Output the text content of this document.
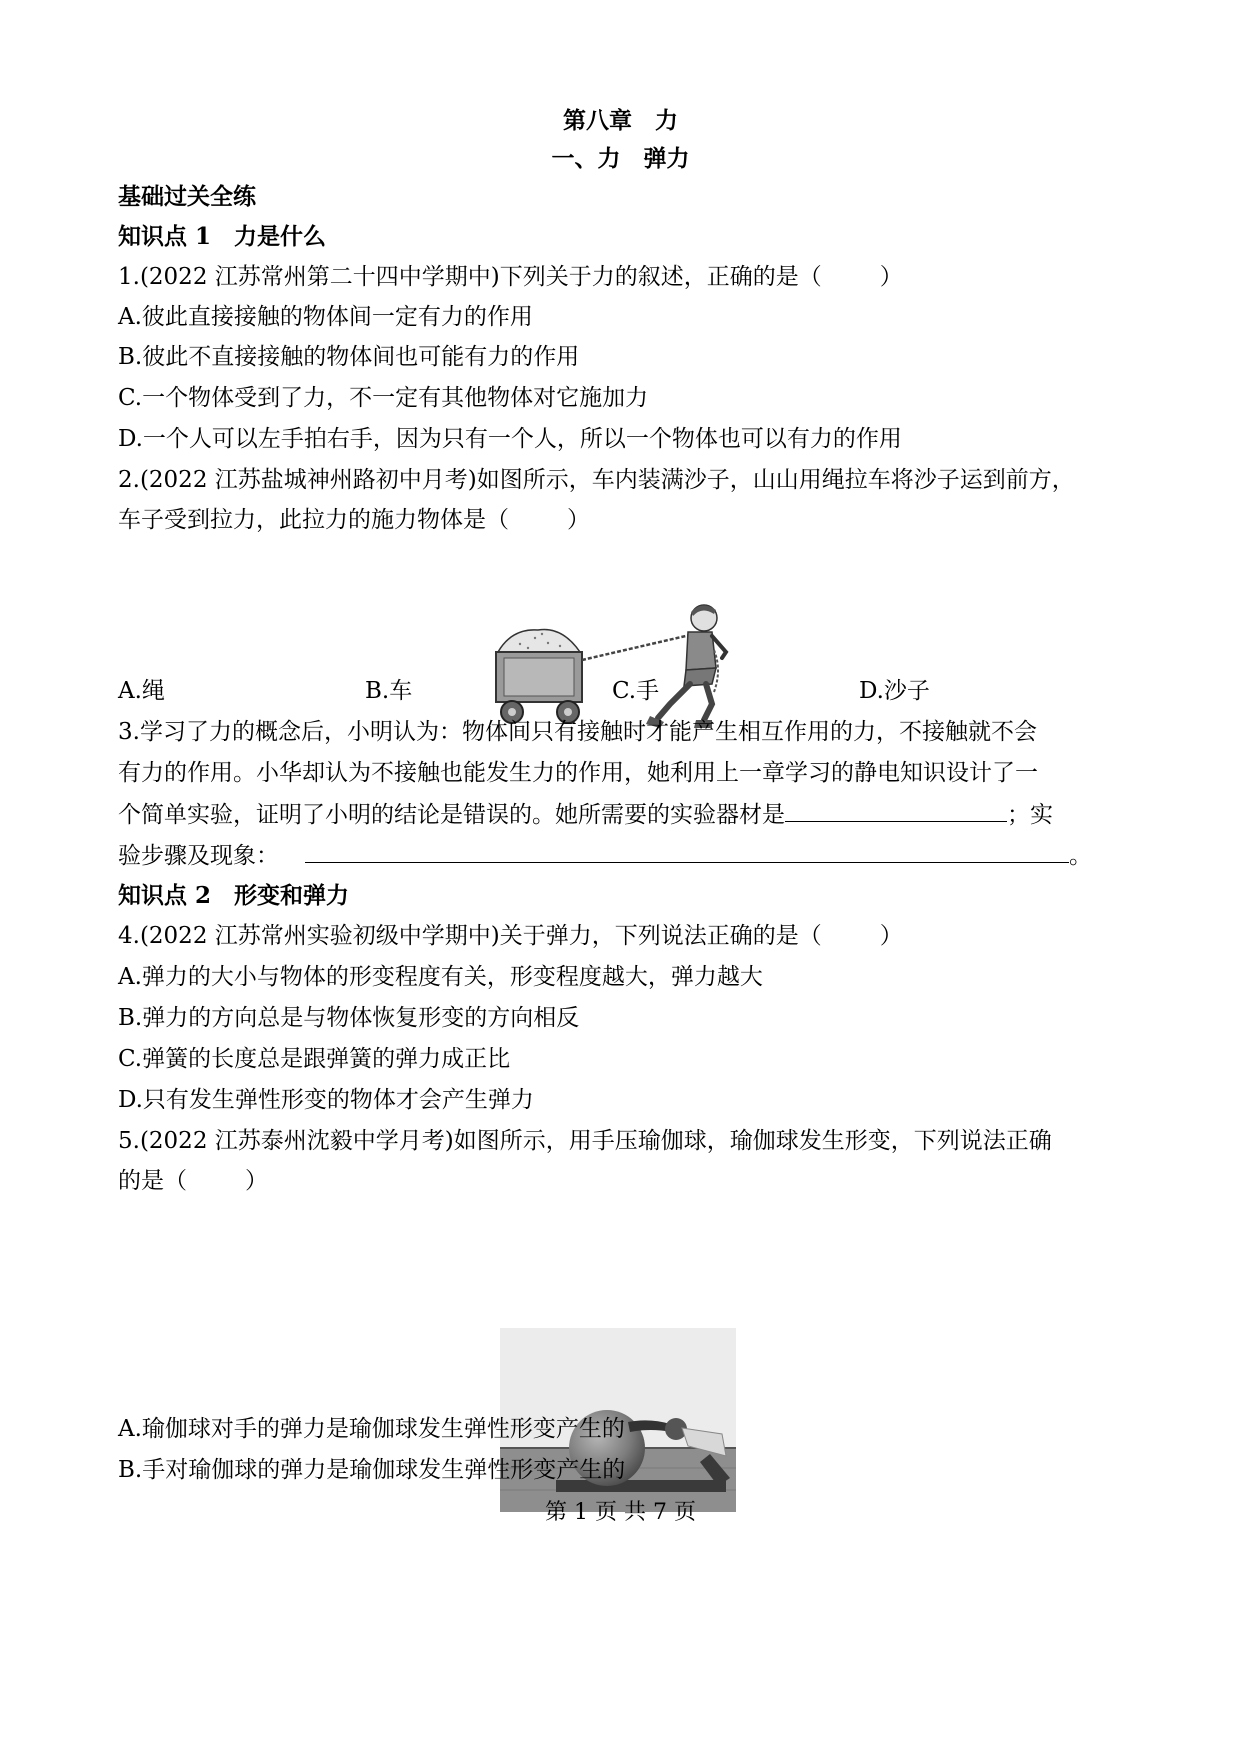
第八章　力
一、力　弹力
基础过关全练
知识点 1　力是什么
1.(2022 江苏常州第二十四中学期中)下列关于力的叙述，正确的是（	）
A.彼此直接接触的物体间一定有力的作用
B.彼此不直接接触的物体间也可能有力的作用
C.一个物体受到了力，不一定有其他物体对它施加力
D.一个人可以左手拍右手，因为只有一个人，所以一个物体也可以有力的作用
2.(2022 江苏盐城神州路初中月考)如图所示，车内装满沙子，山山用绳拉车将沙子运到前方，
车子受到拉力，此拉力的施力物体是（	）
A.绳	B.车	C.手	D.沙子
3.学习了力的概念后，小明认为：物体间只有接触时才能产生相互作用的力，不接触就不会
有力的作用。小华却认为不接触也能发生力的作用，她利用上一章学习的静电知识设计了一
个简单实验，证明了小明的结论是错误的。她所需要的实验器材是	；实
验步骤及现象：	。
知识点 2　形变和弹力
4.(2022 江苏常州实验初级中学期中)关于弹力，下列说法正确的是（	）
A.弹力的大小与物体的形变程度有关，形变程度越大，弹力越大
B.弹力的方向总是与物体恢复形变的方向相反
C.弹簧的长度总是跟弹簧的弹力成正比
D.只有发生弹性形变的物体才会产生弹力
5.(2022 江苏泰州沈毅中学月考)如图所示，用手压瑜伽球，瑜伽球发生形变，下列说法正确
的是（	）
A.瑜伽球对手的弹力是瑜伽球发生弹性形变产生的
B.手对瑜伽球的弹力是瑜伽球发生弹性形变产生的
第 1 页 共 7 页
